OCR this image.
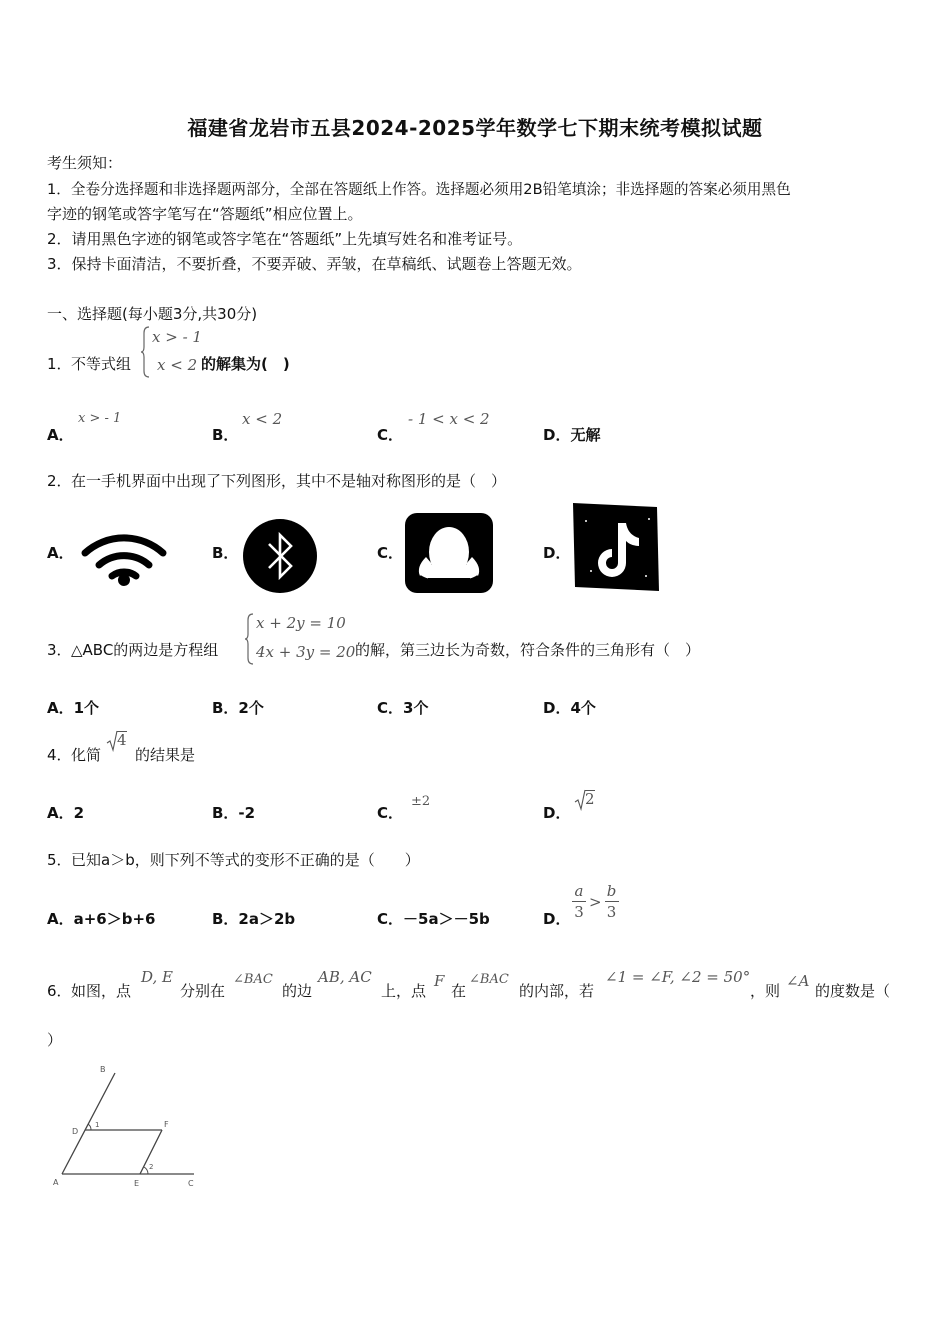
福建省龙岩市五县2024-2025学年数学七下期末统考模拟试题
考生须知：
1．全卷分选择题和非选择题两部分，全部在答题纸上作答。选择题必须用2B铅笔填涂；非选择题的答案必须用黑色
字迹的钢笔或答字笔写在“答题纸”相应位置上。
2．请用黑色字迹的钢笔或答字笔在“答题纸”上先填写姓名和准考证号。
3．保持卡面清洁，不要折叠，不要弄破、弄皱，在草稿纸、试题卷上答题无效。
一、选择题(每小题3分,共30分)
1． 不等式组
x > - 1
x < 2 的解集为(　)
A．
x > - 1
B．
x < 2
C．
- 1 < x < 2
D．无解
2． 在一手机界面中出现了下列图形，其中不是轴对称图形的是（　）
A．	B．	C．	D．
3． △ABC的两边是方程组
x + 2y = 10
4x + 3y = 20 的解，第三边长为奇数，符合条件的三角形有（　）
A．1个	B．2个	C．3个	D．4个
4． 化简
4
的结果是
A．2	B．-2	C．
±2
D．
2
5． 已知a＞b，则下列不等式的变形不正确的是（　　）
A．a+6＞b+6	B．2a＞2b	C．－5a＞－5b	D． $\frac{a}{3} > \frac{b}{3}$
6． 如图，点
D, E
分别在
∠BAC
的边
AB, AC
上，点
F
在
∠BAC
的内部，若
∠1 = ∠F, ∠2 = 50°
，则
∠A
的度数是（
）
B
D
F
1
2
A	E	C
